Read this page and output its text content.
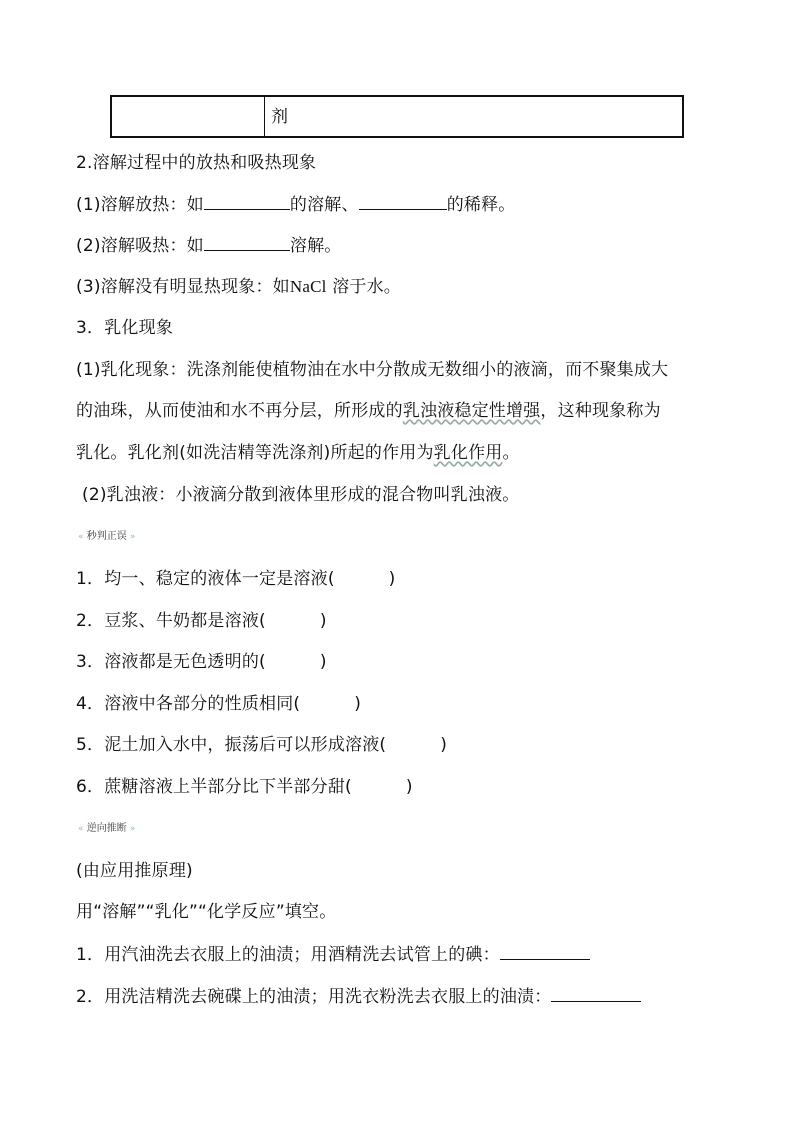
剂
2.溶解过程中的放热和吸热现象
(1)溶解放热：如	的溶解、	的稀释。
(2)溶解吸热：如	溶解。
(3)溶解没有明显热现象：如NaCl 溶于水。
3．乳化现象
(1)乳化现象：洗涤剂能使植物油在水中分散成无数细小的液滴，而不聚集成大
的油珠，从而使油和水不再分层，所形成的乳浊液稳定性增强，这种现象称为
乳化。乳化剂(如洗洁精等洗涤剂)所起的作用为乳化作用。
(2)乳浊液：小液滴分散到液体里形成的混合物叫乳浊液。
« 秒判正误 »
1．均一、稳定的液体一定是溶液(	)
2．豆浆、牛奶都是溶液(	)
3．溶液都是无色透明的(	)
4．溶液中各部分的性质相同(	)
5．泥土加入水中，振荡后可以形成溶液(	)
6．蔗糖溶液上半部分比下半部分甜(	)
« 逆向推断 »
(由应用推原理)
用“溶解”“乳化”“化学反应”填空。
1．用汽油洗去衣服上的油渍；用酒精洗去试管上的碘：
2．用洗洁精洗去碗碟上的油渍；用洗衣粉洗去衣服上的油渍：
